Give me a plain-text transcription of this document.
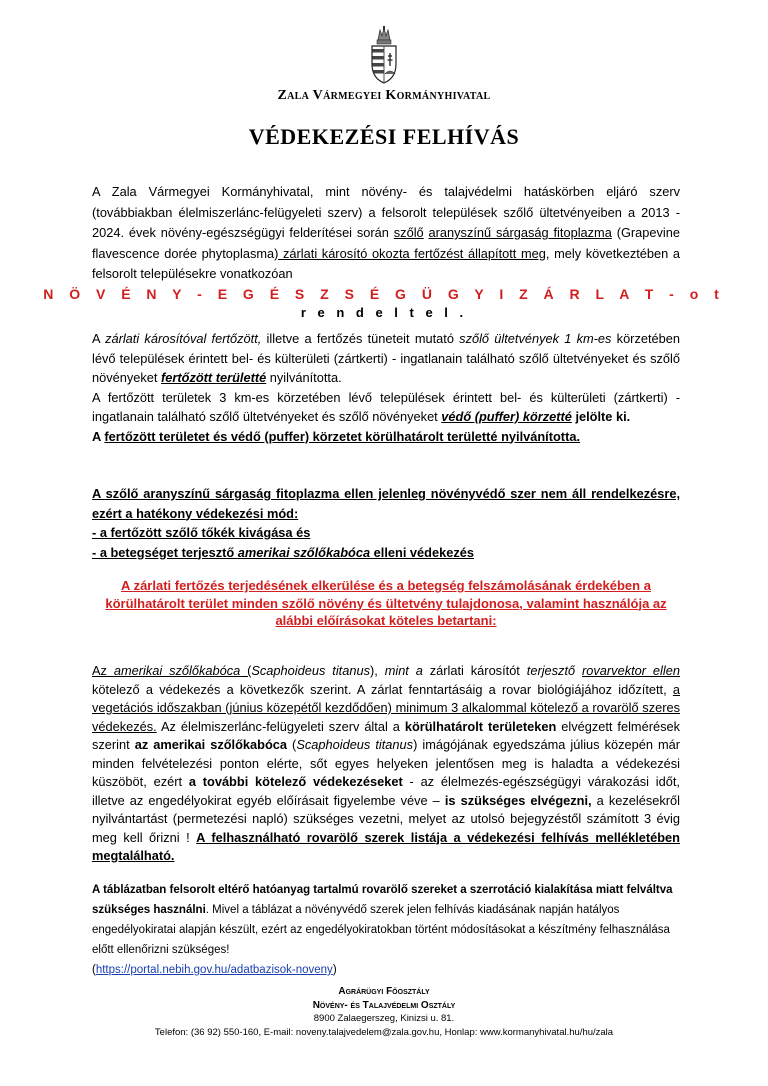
Zala Vármegyei Kormányhivatal
VÉDEKEZÉSI FELHÍVÁS
A Zala Vármegyei Kormányhivatal, mint növény- és talajvédelmi hatáskörben eljáró szerv (továbbiakban élelmiszerlánc-felügyeleti szerv) a felsorolt települések szőlő ültetvényeiben a 2013 - 2024. évek növény-egészségügyi felderítései során szőlő aranyszínű sárgaság fitoplazma (Grapevine flavescence dorée phytoplasma) zárlati károsító okozta fertőzést állapított meg, mely következtében a felsorolt településekre vonatkozóan
N Ö V É N Y - E G É S Z S É G Ü G Y I Z Á R L A T - o t
r e n d e l t e l .
A zárlati károsítóval fertőzött, illetve a fertőzés tüneteit mutató szőlő ültetvények 1 km-es körzetében lévő települések érintett bel- és külterületi (zártkerti) - ingatlanain található szőlő ültetvényeket és szőlő növényeket fertőzött területté nyilvánította.
A fertőzött területek 3 km-es körzetében lévő települések érintett bel- és külterületi (zártkerti) - ingatlanain található szőlő ültetvényeket és szőlő növényeket védő (puffer) körzetté jelölte ki.
A fertőzött területet és védő (puffer) körzetet körülhatárolt területté nyilvánította.
A szőlő aranyszínű sárgaság fitoplazma ellen jelenleg növényvédő szer nem áll rendelkezésre, ezért a hatékony védekezési mód:
- a fertőzött szőlő tőkék kivágása és
- a betegséget terjesztő amerikai szőlőkabóca elleni védekezés
A zárlati fertőzés terjedésének elkerülése és a betegség felszámolásának érdekében a körülhatárolt terület minden szőlő növény és ültetvény tulajdonosa, valamint használója az alábbi előírásokat köteles betartani:
Az amerikai szőlőkabóca (Scaphoideus titanus), mint a zárlati károsítót terjesztő rovarvektor ellen kötelező a védekezés a következők szerint. A zárlat fenntartásáig a rovar biológiájához időzített, a vegetációs időszakban (június közepétől kezdődően) minimum 3 alkalommal kötelező a rovarölő szeres védekezés. Az élelmiszerlánc-felügyeleti szerv által a körülhatárolt területeken elvégzett felmérések szerint az amerikai szőlőkabóca (Scaphoideus titanus) imágójának egyedszáma július közepén már minden felvételezési ponton elérte, sőt egyes helyeken jelentősen meg is haladta a védekezési küszöböt, ezért a további kötelező védekezéseket - az élelmezés-egészségügyi várakozási időt, illetve az engedélyokirat egyéb előírásait figyelembe véve – is szükséges elvégezni, a kezelésekről nyilvántartást (permetezési napló) szükséges vezetni, melyet az utolsó bejegyzéstől számított 3 évig meg kell őrizni ! A felhasználható rovarölő szerek listája a védekezési felhívás mellékletében megtalálható.
A táblázatban felsorolt eltérő hatóanyag tartalmú rovarölő szereket a szerrotáció kialakítása miatt felváltva szükséges használni. Mivel a táblázat a növényvédő szerek jelen felhívás kiadásának napján hatályos engedélyokiratai alapján készült, ezért az engedélyokiratokban történt módosításokat a készítmény felhasználása előtt ellenőrizni szükséges!
(https://portal.nebih.gov.hu/adatbazisok-noveny)
Agrárügyi Főosztály
Növény- és Talajvédelmi Osztály
8900 Zalaegerszeg, Kinizsi u. 81.
Telefon: (36 92) 550-160, E-mail: noveny.talajvedelem@zala.gov.hu, Honlap: www.kormanyhivatal.hu/hu/zala
